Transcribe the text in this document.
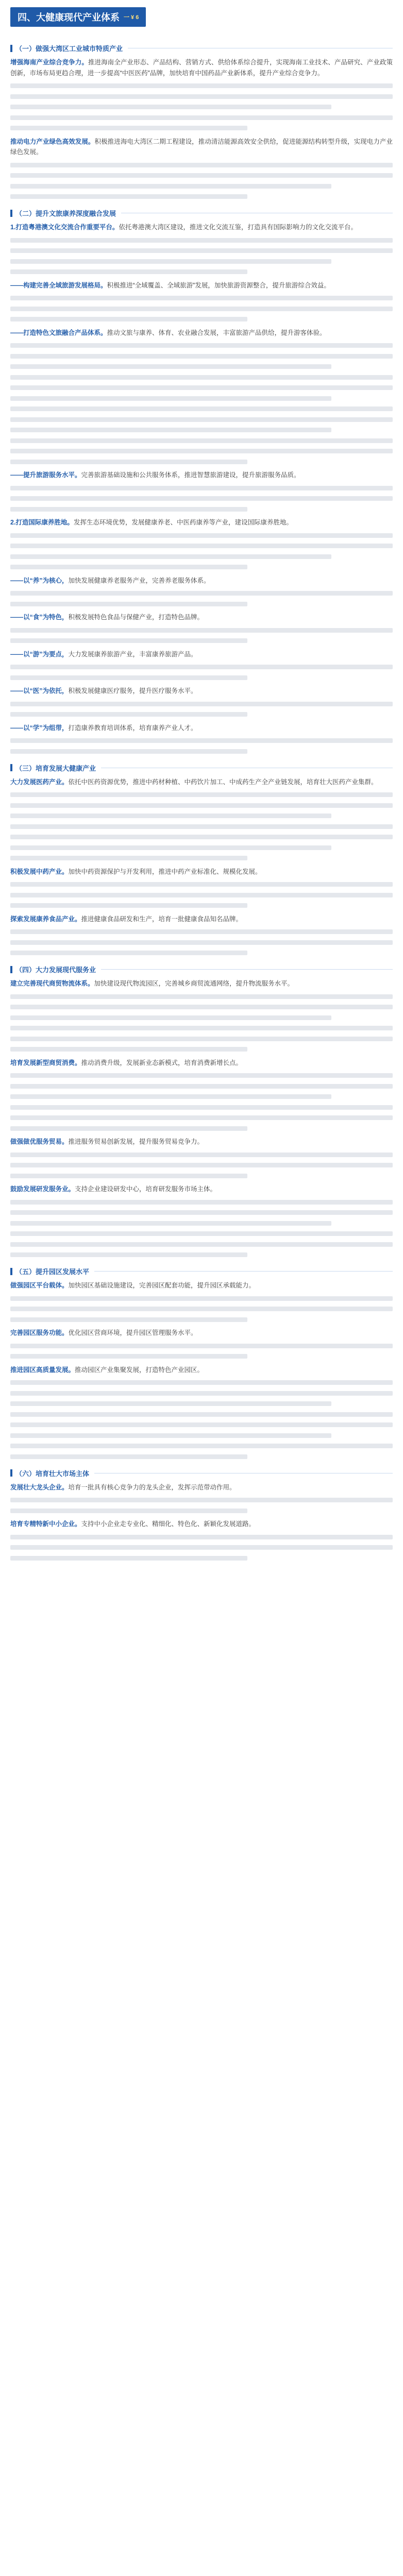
四、大健康现代产业体系 一 ¥ 6
（一）做强大湾区工业城市特质产业

增强海南产业综合竞争力。推进海南全产业形态、产品结构、营销方式、供给体系综合提升，实现海南工业技术、产品研究、产业政策创新，市场布局更趋合理，进一步提高“中医医药”品牌，加快培育中国药品产业新体系，提升产业综合竞争力。

推动电力产业绿色高效发展。积极推进海电大湾区二期工程建设，推动清洁能源高效安全供给，促进能源结构转型升级，实现电力产业绿色发展。

（二）提升文旅康养深度融合发展

1.打造粤港澳文化交流合作重要平台。依托粤港澳大湾区建设，推进文化交流互鉴，打造具有国际影响力的文化交流平台。

——构建完善全域旅游发展格局。积极推进“全域覆盖、全域旅游”发展，加快旅游资源整合，提升旅游综合效益。

——打造特色文旅融合产品体系。推动文旅与康养、体育、农业融合发展，丰富旅游产品供给，提升游客体验。

——提升旅游服务水平。完善旅游基础设施和公共服务体系，推进智慧旅游建设，提升旅游服务品质。

2.打造国际康养胜地。发挥生态环境优势，发展健康养老、中医药康养等产业，建设国际康养胜地。

——以“养”为核心，加快发展健康养老服务产业，完善养老服务体系。

——以“食”为特色，积极发展特色食品与保健产业，打造特色品牌。

——以“游”为要点，大力发展康养旅游产业，丰富康养旅游产品。

——以“医”为依托，积极发展健康医疗服务，提升医疗服务水平。

——以“学”为组带，打造康养教育培训体系，培育康养产业人才。

（三）培育发展大健康产业

大力发展医药产业。依托中医药资源优势，推进中药材种植、中药饮片加工、中成药生产全产业链发展，培育壮大医药产业集群。

积极发展中药产业。加快中药资源保护与开发利用，推进中药产业标准化、规模化发展。

探索发展康养食品产业。推进健康食品研发和生产，培育一批健康食品知名品牌。

（四）大力发展现代服务业

建立完善现代商贸物流体系。加快建设现代物流园区，完善城乡商贸流通网络，提升物流服务水平。

培育发展新型商贸消费。推动消费升级，发展新业态新模式，培育消费新增长点。

做强做优服务贸易。推进服务贸易创新发展，提升服务贸易竞争力。

鼓励发展研发服务业。支持企业建设研发中心，培育研发服务市场主体。

（五）提升园区发展水平

做强园区平台载体。加快园区基础设施建设，完善园区配套功能，提升园区承载能力。

完善园区服务功能。优化园区营商环境，提升园区管理服务水平。

推进园区高质量发展。推动园区产业集聚发展，打造特色产业园区。

（六）培育壮大市场主体

发展壮大龙头企业。培育一批具有核心竞争力的龙头企业，发挥示范带动作用。

培育专精特新中小企业。支持中小企业走专业化、精细化、特色化、新颖化发展道路。
